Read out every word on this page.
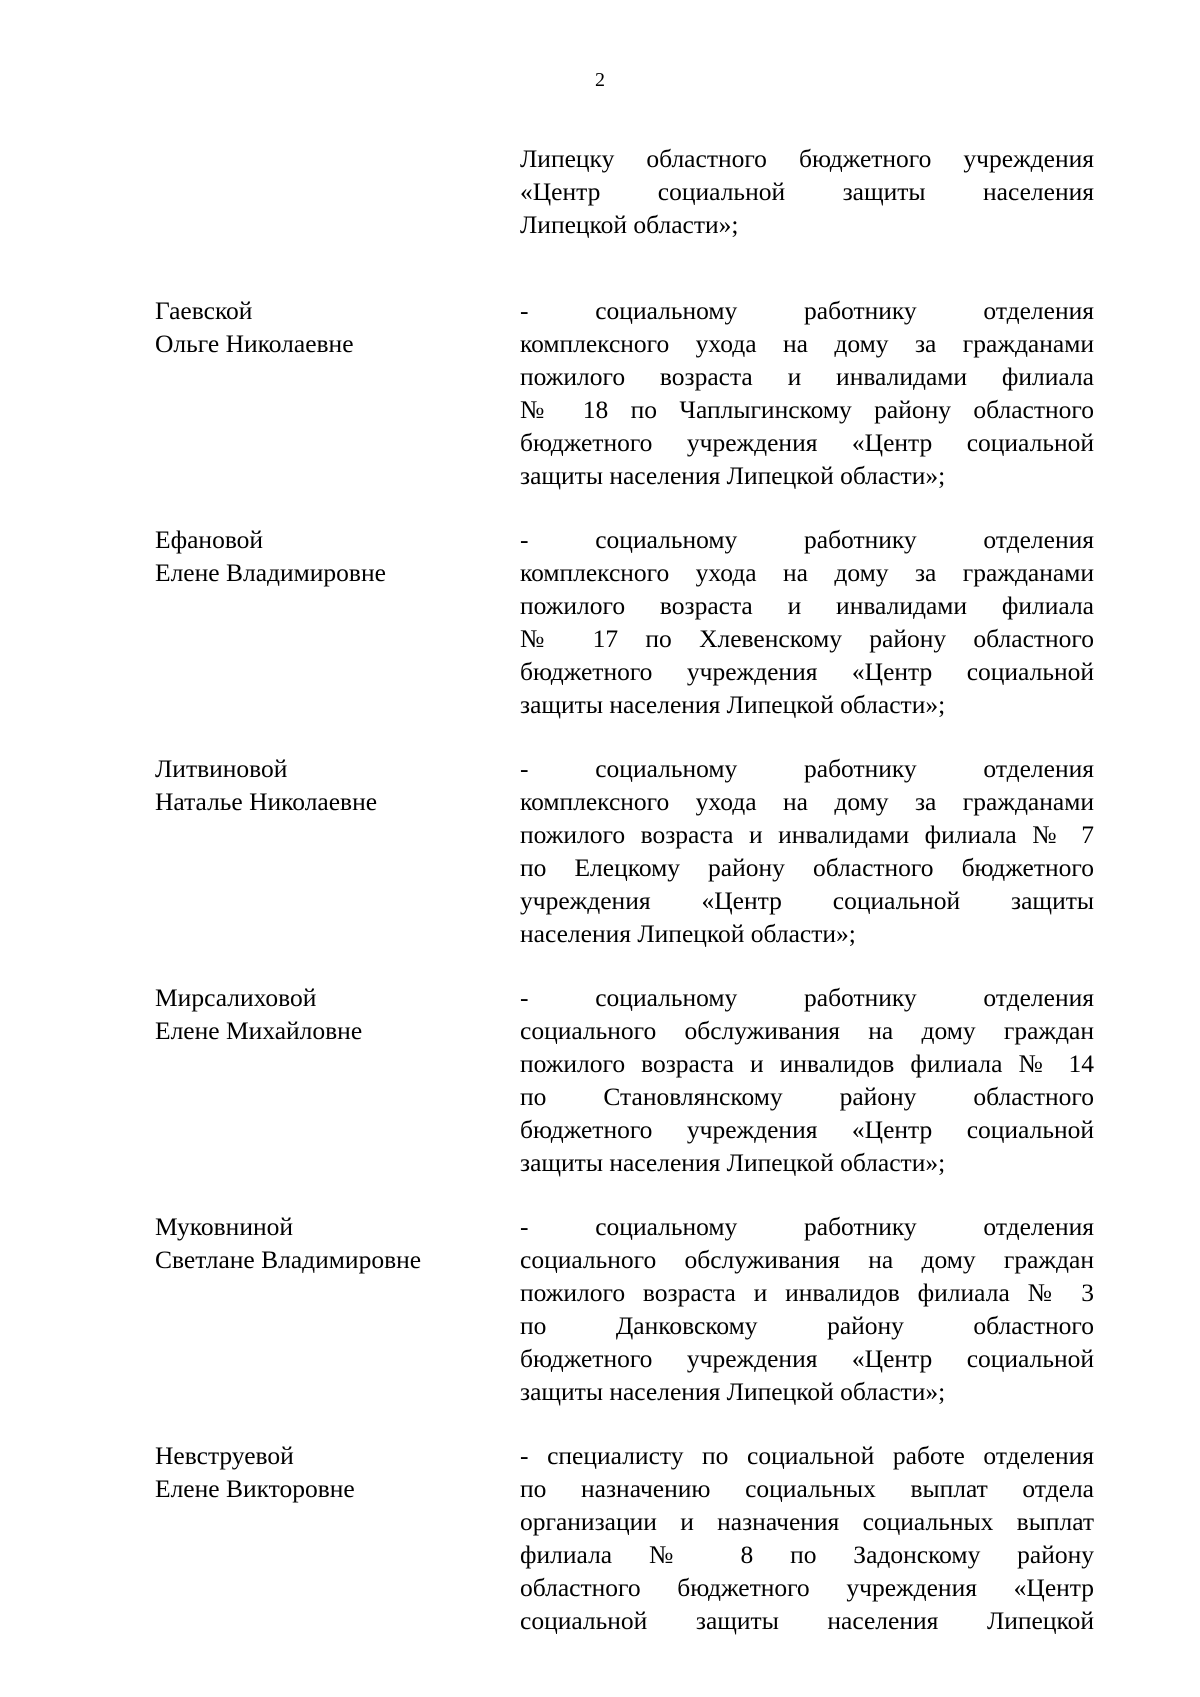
2
Липецку областного бюджетного учреждения
«Центр социальной защиты населения
Липецкой области»;
Гаевской
Ольге Николаевне
- социальному работнику отделения
комплексного ухода на дому за гражданами
пожилого возраста и инвалидами филиала
№ 18 по Чаплыгинскому району областного
бюджетного учреждения «Центр социальной
защиты населения Липецкой области»;
Ефановой
Елене Владимировне
- социальному работнику отделения
комплексного ухода на дому за гражданами
пожилого возраста и инвалидами филиала
№ 17 по Хлевенскому району областного
бюджетного учреждения «Центр социальной
защиты населения Липецкой области»;
Литвиновой
Наталье Николаевне
- социальному работнику отделения
комплексного ухода на дому за гражданами
пожилого возраста и инвалидами филиала № 7
по Елецкому району областного бюджетного
учреждения «Центр социальной защиты
населения Липецкой области»;
Мирсалиховой
Елене Михайловне
- социальному работнику отделения
социального обслуживания на дому граждан
пожилого возраста и инвалидов филиала № 14
по Становлянскому району областного
бюджетного учреждения «Центр социальной
защиты населения Липецкой области»;
Муковниной
Светлане Владимировне
- социальному работнику отделения
социального обслуживания на дому граждан
пожилого возраста и инвалидов филиала № 3
по Данковскому району областного
бюджетного учреждения «Центр социальной
защиты населения Липецкой области»;
Невструевой
Елене Викторовне
- специалисту по социальной работе отделения
по назначению социальных выплат отдела
организации и назначения социальных выплат
филиала № 8 по Задонскому району
областного бюджетного учреждения «Центр
социальной защиты населения Липецкой
